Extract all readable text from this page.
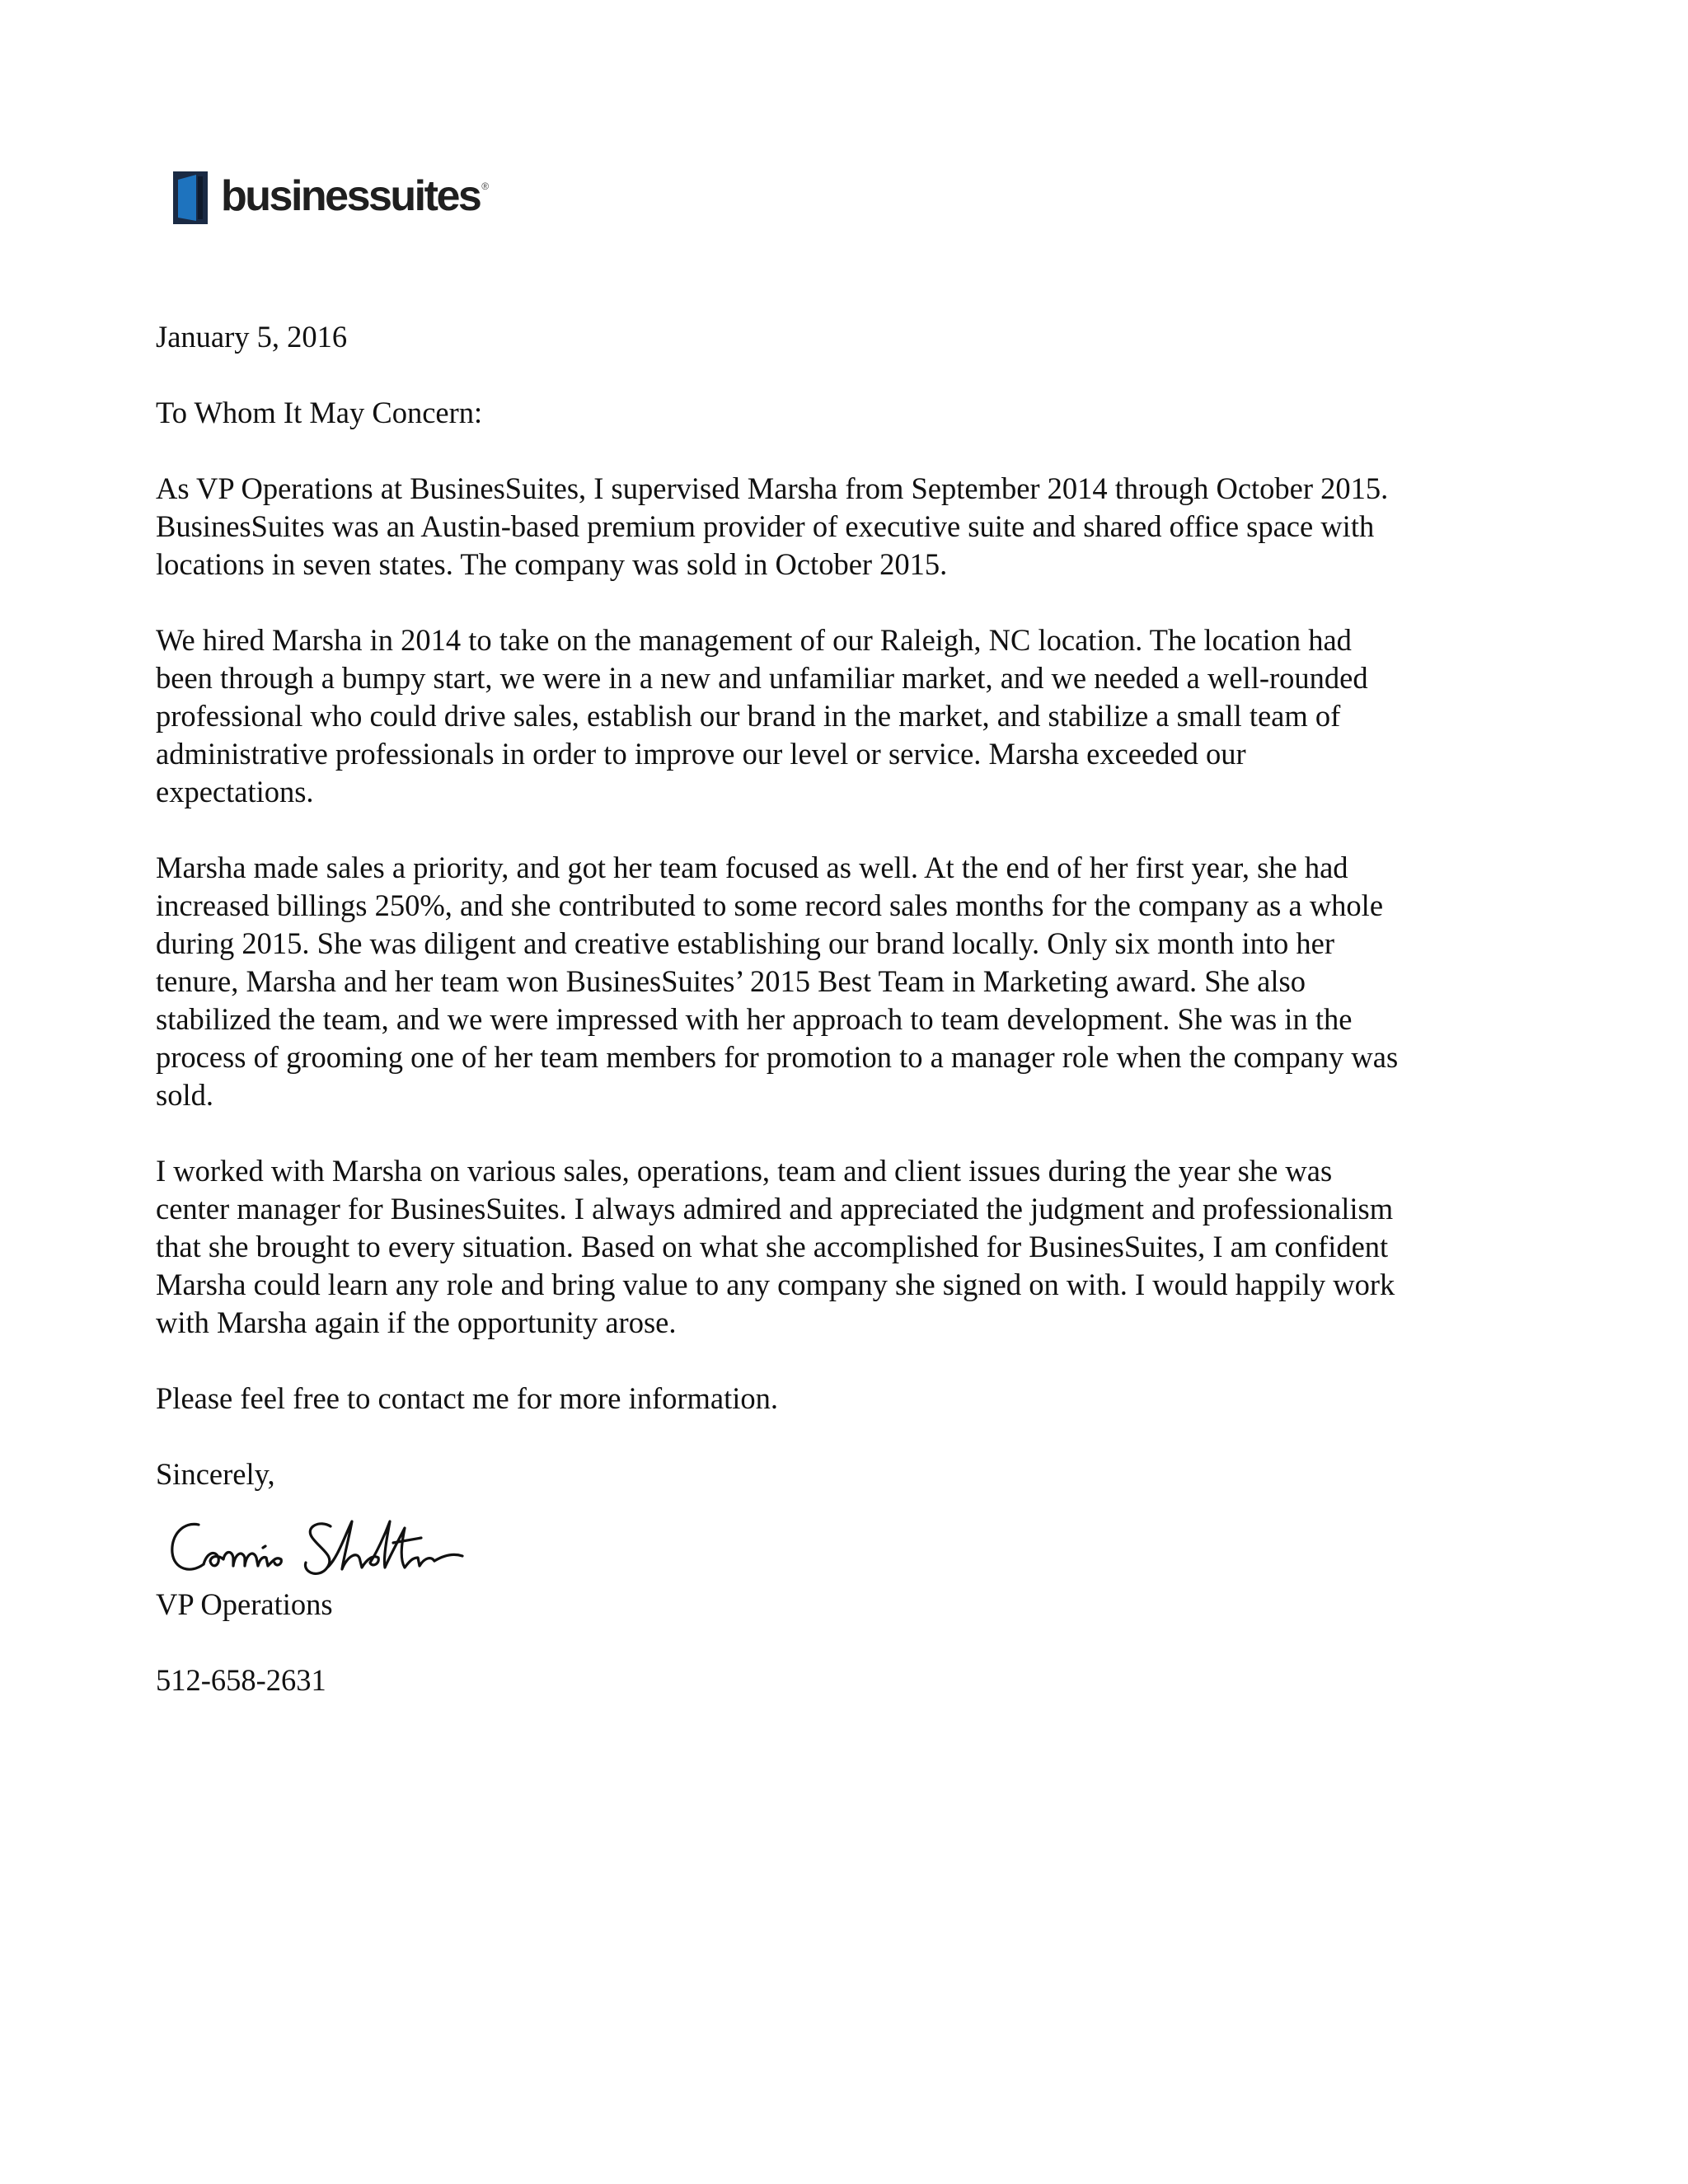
businessuites ®

January 5, 2016

To Whom It May Concern:

As VP Operations at BusinesSuites, I supervised Marsha from September 2014 through October 2015.
BusinesSuites was an Austin-based premium provider of executive suite and shared office space with
locations in seven states. The company was sold in October 2015.

We hired Marsha in 2014 to take on the management of our Raleigh, NC location. The location had
been through a bumpy start, we were in a new and unfamiliar market, and we needed a well-rounded
professional who could drive sales, establish our brand in the market, and stabilize a small team of
administrative professionals in order to improve our level or service. Marsha exceeded our
expectations.

Marsha made sales a priority, and got her team focused as well. At the end of her first year, she had
increased billings 250%, and she contributed to some record sales months for the company as a whole
during 2015. She was diligent and creative establishing our brand locally. Only six month into her
tenure, Marsha and her team won BusinesSuites’ 2015 Best Team in Marketing award. She also
stabilized the team, and we were impressed with her approach to team development. She was in the
process of grooming one of her team members for promotion to a manager role when the company was
sold.

I worked with Marsha on various sales, operations, team and client issues during the year she was
center manager for BusinesSuites. I always admired and appreciated the judgment and professionalism
that she brought to every situation. Based on what she accomplished for BusinesSuites, I am confident
Marsha could learn any role and bring value to any company she signed on with. I would happily work
with Marsha again if the opportunity arose.

Please feel free to contact me for more information.

Sincerely,

VP Operations

512-658-2631
